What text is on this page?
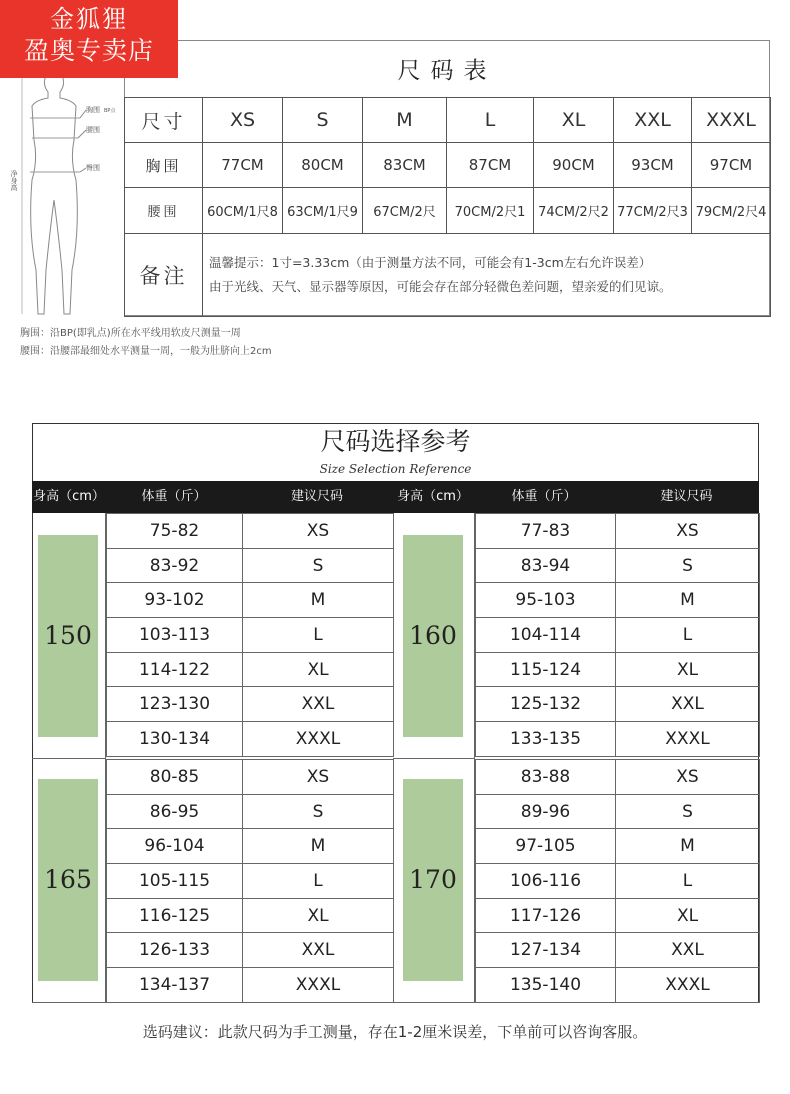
金狐狸
盈奥专卖店
胸围 BP点
腰围
臀围
净身高
胸围：沿BP(即乳点)所在水平线用软皮尺测量一周
腰围：沿腰部最细处水平测量一周，一般为肚脐向上2cm
尺码表
尺寸	XS	S	M	L	XL	XXL	XXXL
胸围	77CM	80CM	83CM	87CM	90CM	93CM	97CM
腰围	60CM/1尺8	63CM/1尺9	67CM/2尺	70CM/2尺1	74CM/2尺2	77CM/2尺3	79CM/2尺4
备注	温馨提示：1寸=3.33cm（由于测量方法不同，可能会有1-3cm左右允许误差）
由于光线、天气、显示器等原因，可能会存在部分轻微色差问题，望亲爱的们见谅。						
尺码选择参考
Size Selection Reference
身高（cm）	体重（斤）	建议尺码	身高（cm）	体重（斤）	建议尺码
150
75-82	XS
83-92	S
93-102	M
103-113	L
114-122	XL
123-130	XXL
130-134	XXXL
160
77-83	XS
83-94	S
95-103	M
104-114	L
115-124	XL
125-132	XXL
133-135	XXXL
165
80-85	XS
86-95	S
96-104	M
105-115	L
116-125	XL
126-133	XXL
134-137	XXXL
170
83-88	XS
89-96	S
97-105	M
106-116	L
117-126	XL
127-134	XXL
135-140	XXXL
选码建议：此款尺码为手工测量，存在1-2厘米误差，下单前可以咨询客服。
